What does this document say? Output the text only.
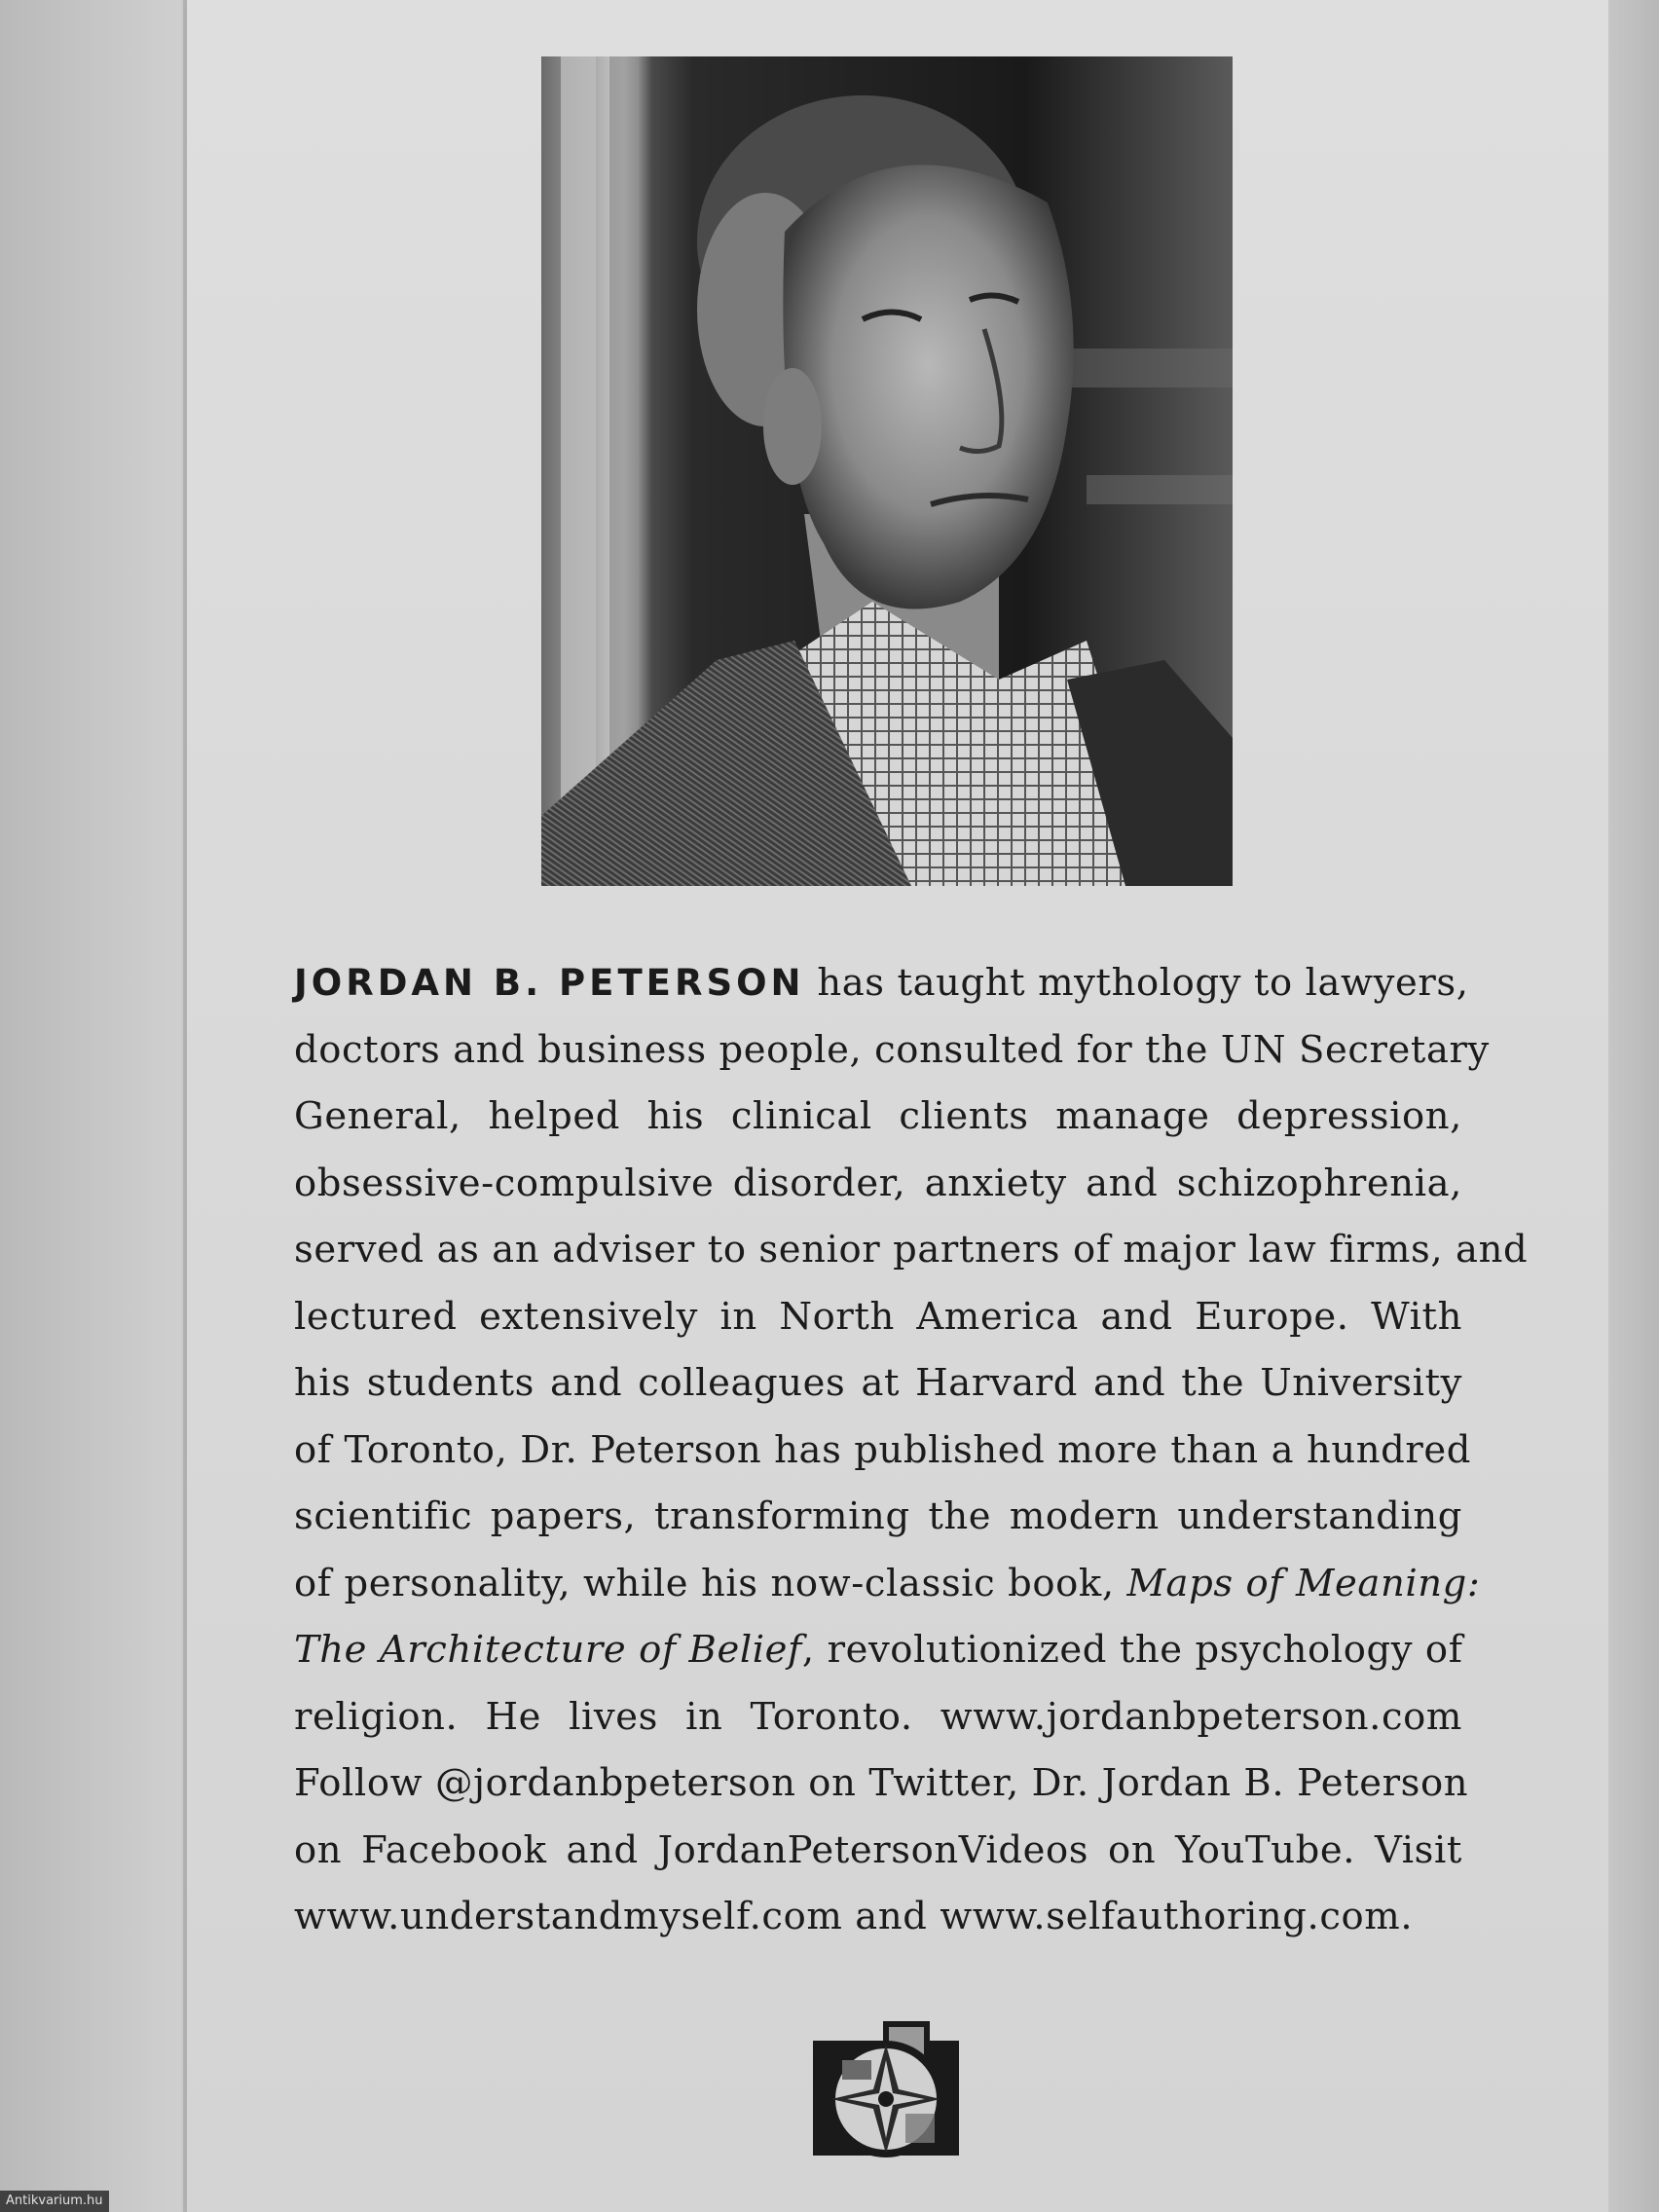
JORDAN B. PETERSON has taught mythology to lawyers,
doctors and business people, consulted for the UN Secretary
General, helped his clinical clients manage depression,
obsessive-compulsive disorder, anxiety and schizophrenia,
served as an adviser to senior partners of major law firms, and
lectured extensively in North America and Europe. With
his students and colleagues at Harvard and the University
of Toronto, Dr. Peterson has published more than a hundred
scientific papers, transforming the modern understanding
of personality, while his now-classic book, Maps of Meaning:
The Architecture of Belief, revolutionized the psychology of
religion. He lives in Toronto. www.jordanbpeterson.com
Follow @jordanbpeterson on Twitter, Dr. Jordan B. Peterson
on Facebook and JordanPetersonVideos on YouTube. Visit
www.understandmyself.com and www.selfauthoring.com.
Antikvarium.hu
